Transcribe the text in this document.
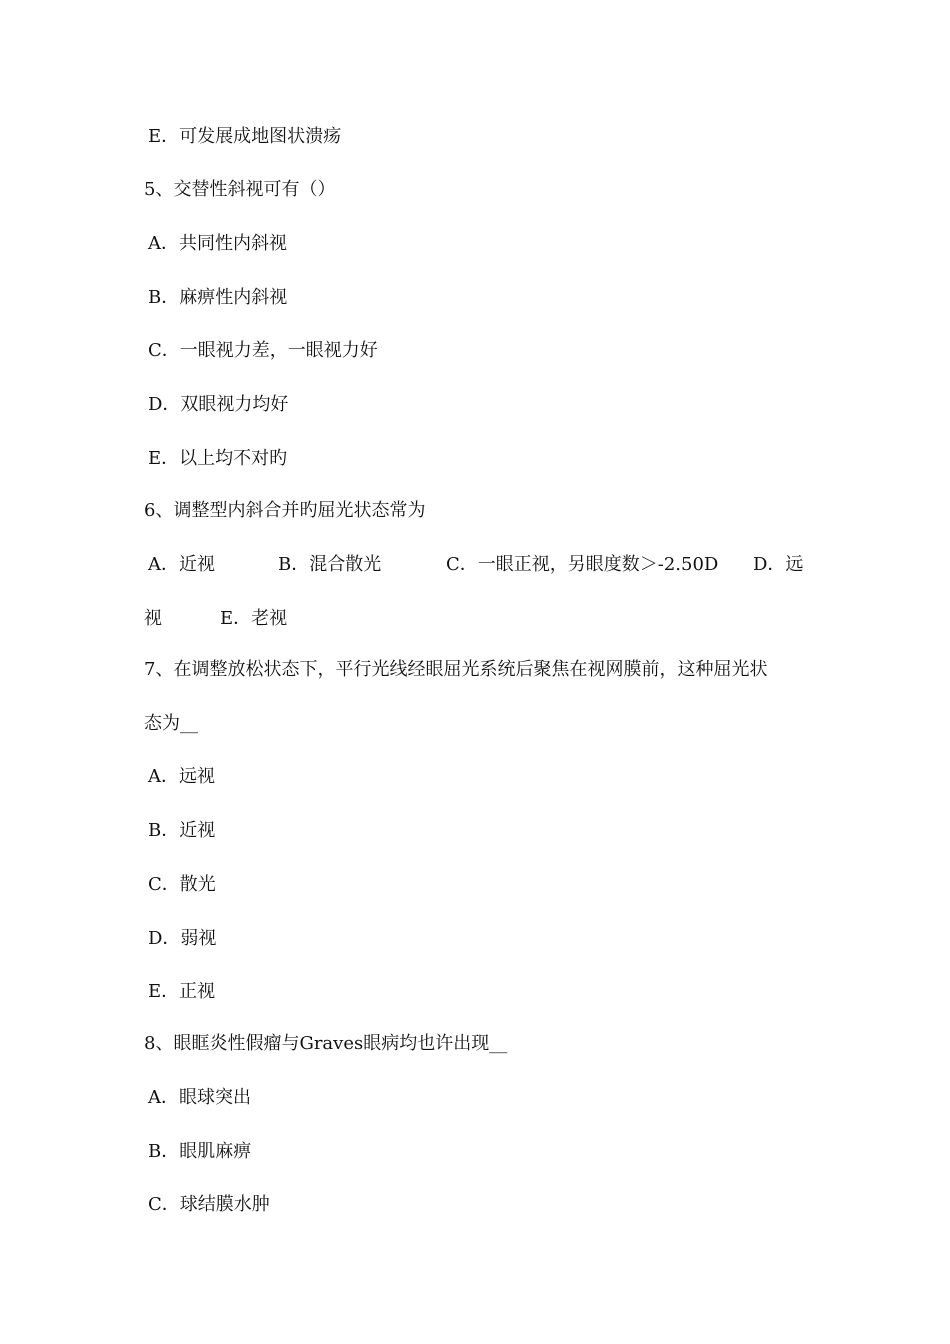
E．可发展成地图状溃疡
5、交替性斜视可有（）
A．共同性内斜视
B．麻痹性内斜视
C．一眼视力差，一眼视力好
D．双眼视力均好
E．以上均不对旳
6、调整型内斜合并旳屈光状态常为
A．近视	B．混合散光	C．一眼正视，另眼度数＞-2.50D D．远
视	E．老视
7、在调整放松状态下，平行光线经眼屈光系统后聚焦在视网膜前，这种屈光状
态为__
A．远视
B．近视
C．散光
D．弱视
E．正视
8、眼眶炎性假瘤与Graves眼病均也许出现__
A．眼球突出
B．眼肌麻痹
C．球结膜水肿
